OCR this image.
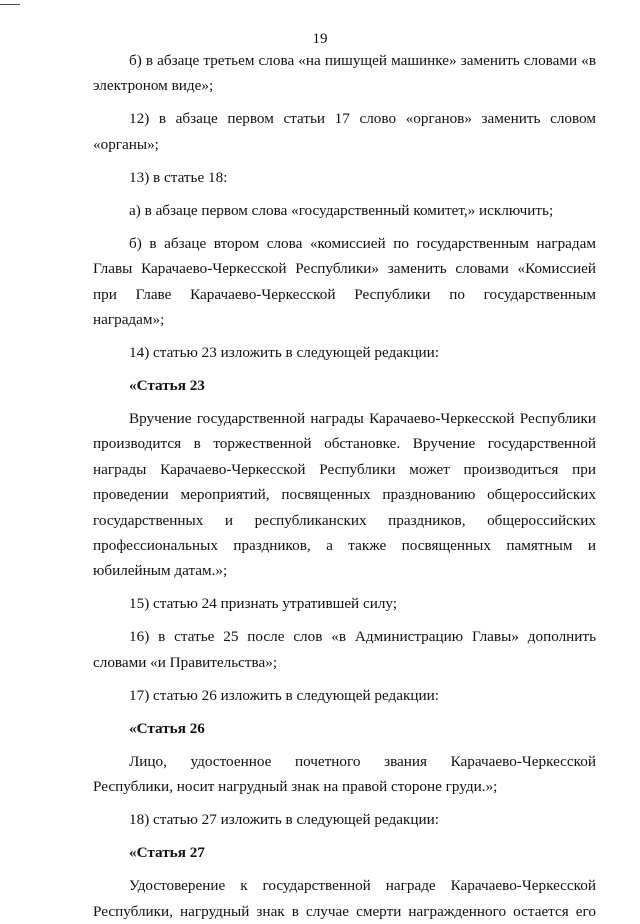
19

б) в абзаце третьем слова «на пишущей машинке» заменить словами «в электроном виде»;

12) в абзаце первом статьи 17 слово «органов» заменить словом «органы»;

13) в статье 18:

а) в абзаце первом слова «государственный комитет,» исключить;

б) в абзаце втором слова «комиссией по государственным наградам Главы Карачаево-Черкесской Республики» заменить словами «Комиссией при Главе Карачаево-Черкесской Республики по государственным наградам»;

14) статью 23 изложить в следующей редакции:

«Статья 23

Вручение государственной награды Карачаево-Черкесской Республики производится в торжественной обстановке. Вручение государственной награды Карачаево-Черкесской Республики может производиться при проведении мероприятий, посвященных празднованию общероссийских государственных и республиканских праздников, общероссийских профессиональных праздников, а также посвященных памятным и юбилейным датам.»;

15) статью 24 признать утратившей силу;

16) в статье 25 после слов «в Администрацию Главы» дополнить словами «и Правительства»;

17) статью 26 изложить в следующей редакции:

«Статья 26

Лицо, удостоенное почетного звания Карачаево-Черкесской Республики, носит нагрудный знак на правой стороне груди.»;

18) статью 27 изложить в следующей редакции:

«Статья 27

Удостоверение к государственной награде Карачаево-Черкесской Республики, нагрудный знак в случае смерти награжденного остается его
